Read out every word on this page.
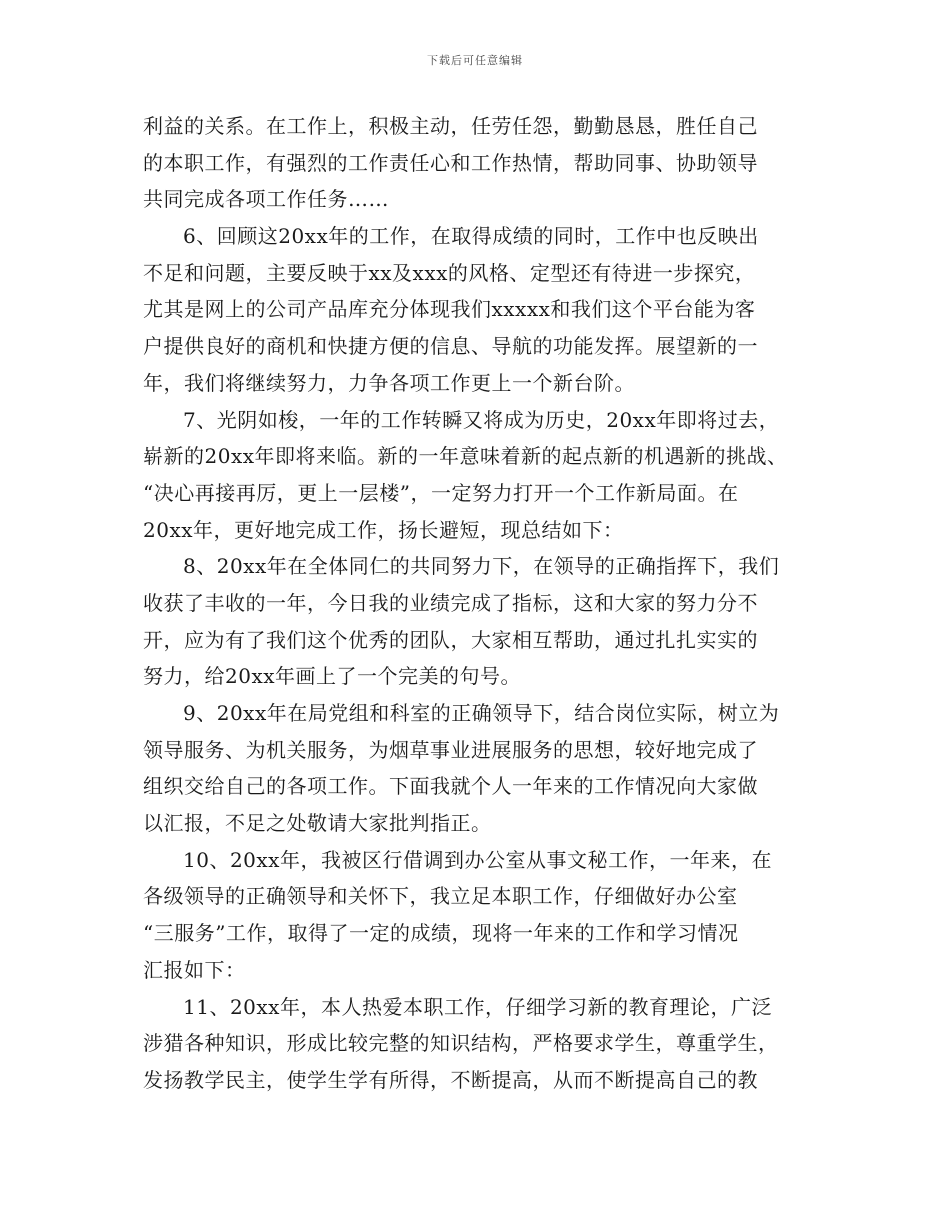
下载后可任意编辑
利益的关系。在工作上，积极主动，任劳任怨，勤勤恳恳，胜任自己
的本职工作，有强烈的工作责任心和工作热情，帮助同事、协助领导
共同完成各项工作任务……
6、回顾这20xx年的工作，在取得成绩的同时，工作中也反映出
不足和问题，主要反映于xx及xxx的风格、定型还有待进一步探究，
尤其是网上的公司产品库充分体现我们xxxxx和我们这个平台能为客
户提供良好的商机和快捷方便的信息、导航的功能发挥。展望新的一
年，我们将继续努力，力争各项工作更上一个新台阶。
7、光阴如梭，一年的工作转瞬又将成为历史，20xx年即将过去，
崭新的20xx年即将来临。新的一年意味着新的起点新的机遇新的挑战、
“决心再接再厉，更上一层楼”，一定努力打开一个工作新局面。在
20xx年，更好地完成工作，扬长避短，现总结如下：
8、20xx年在全体同仁的共同努力下，在领导的正确指挥下，我们
收获了丰收的一年，今日我的业绩完成了指标，这和大家的努力分不
开，应为有了我们这个优秀的团队，大家相互帮助，通过扎扎实实的
努力，给20xx年画上了一个完美的句号。
9、20xx年在局党组和科室的正确领导下，结合岗位实际，树立为
领导服务、为机关服务，为烟草事业进展服务的思想，较好地完成了
组织交给自己的各项工作。下面我就个人一年来的工作情况向大家做
以汇报，不足之处敬请大家批判指正。
10、20xx年，我被区行借调到办公室从事文秘工作，一年来，在
各级领导的正确领导和关怀下，我立足本职工作，仔细做好办公室
“三服务”工作，取得了一定的成绩，现将一年来的工作和学习情况
汇报如下：
11、20xx年，本人热爱本职工作，仔细学习新的教育理论，广泛
涉猎各种知识，形成比较完整的知识结构，严格要求学生，尊重学生，
发扬教学民主，使学生学有所得，不断提高，从而不断提高自己的教
